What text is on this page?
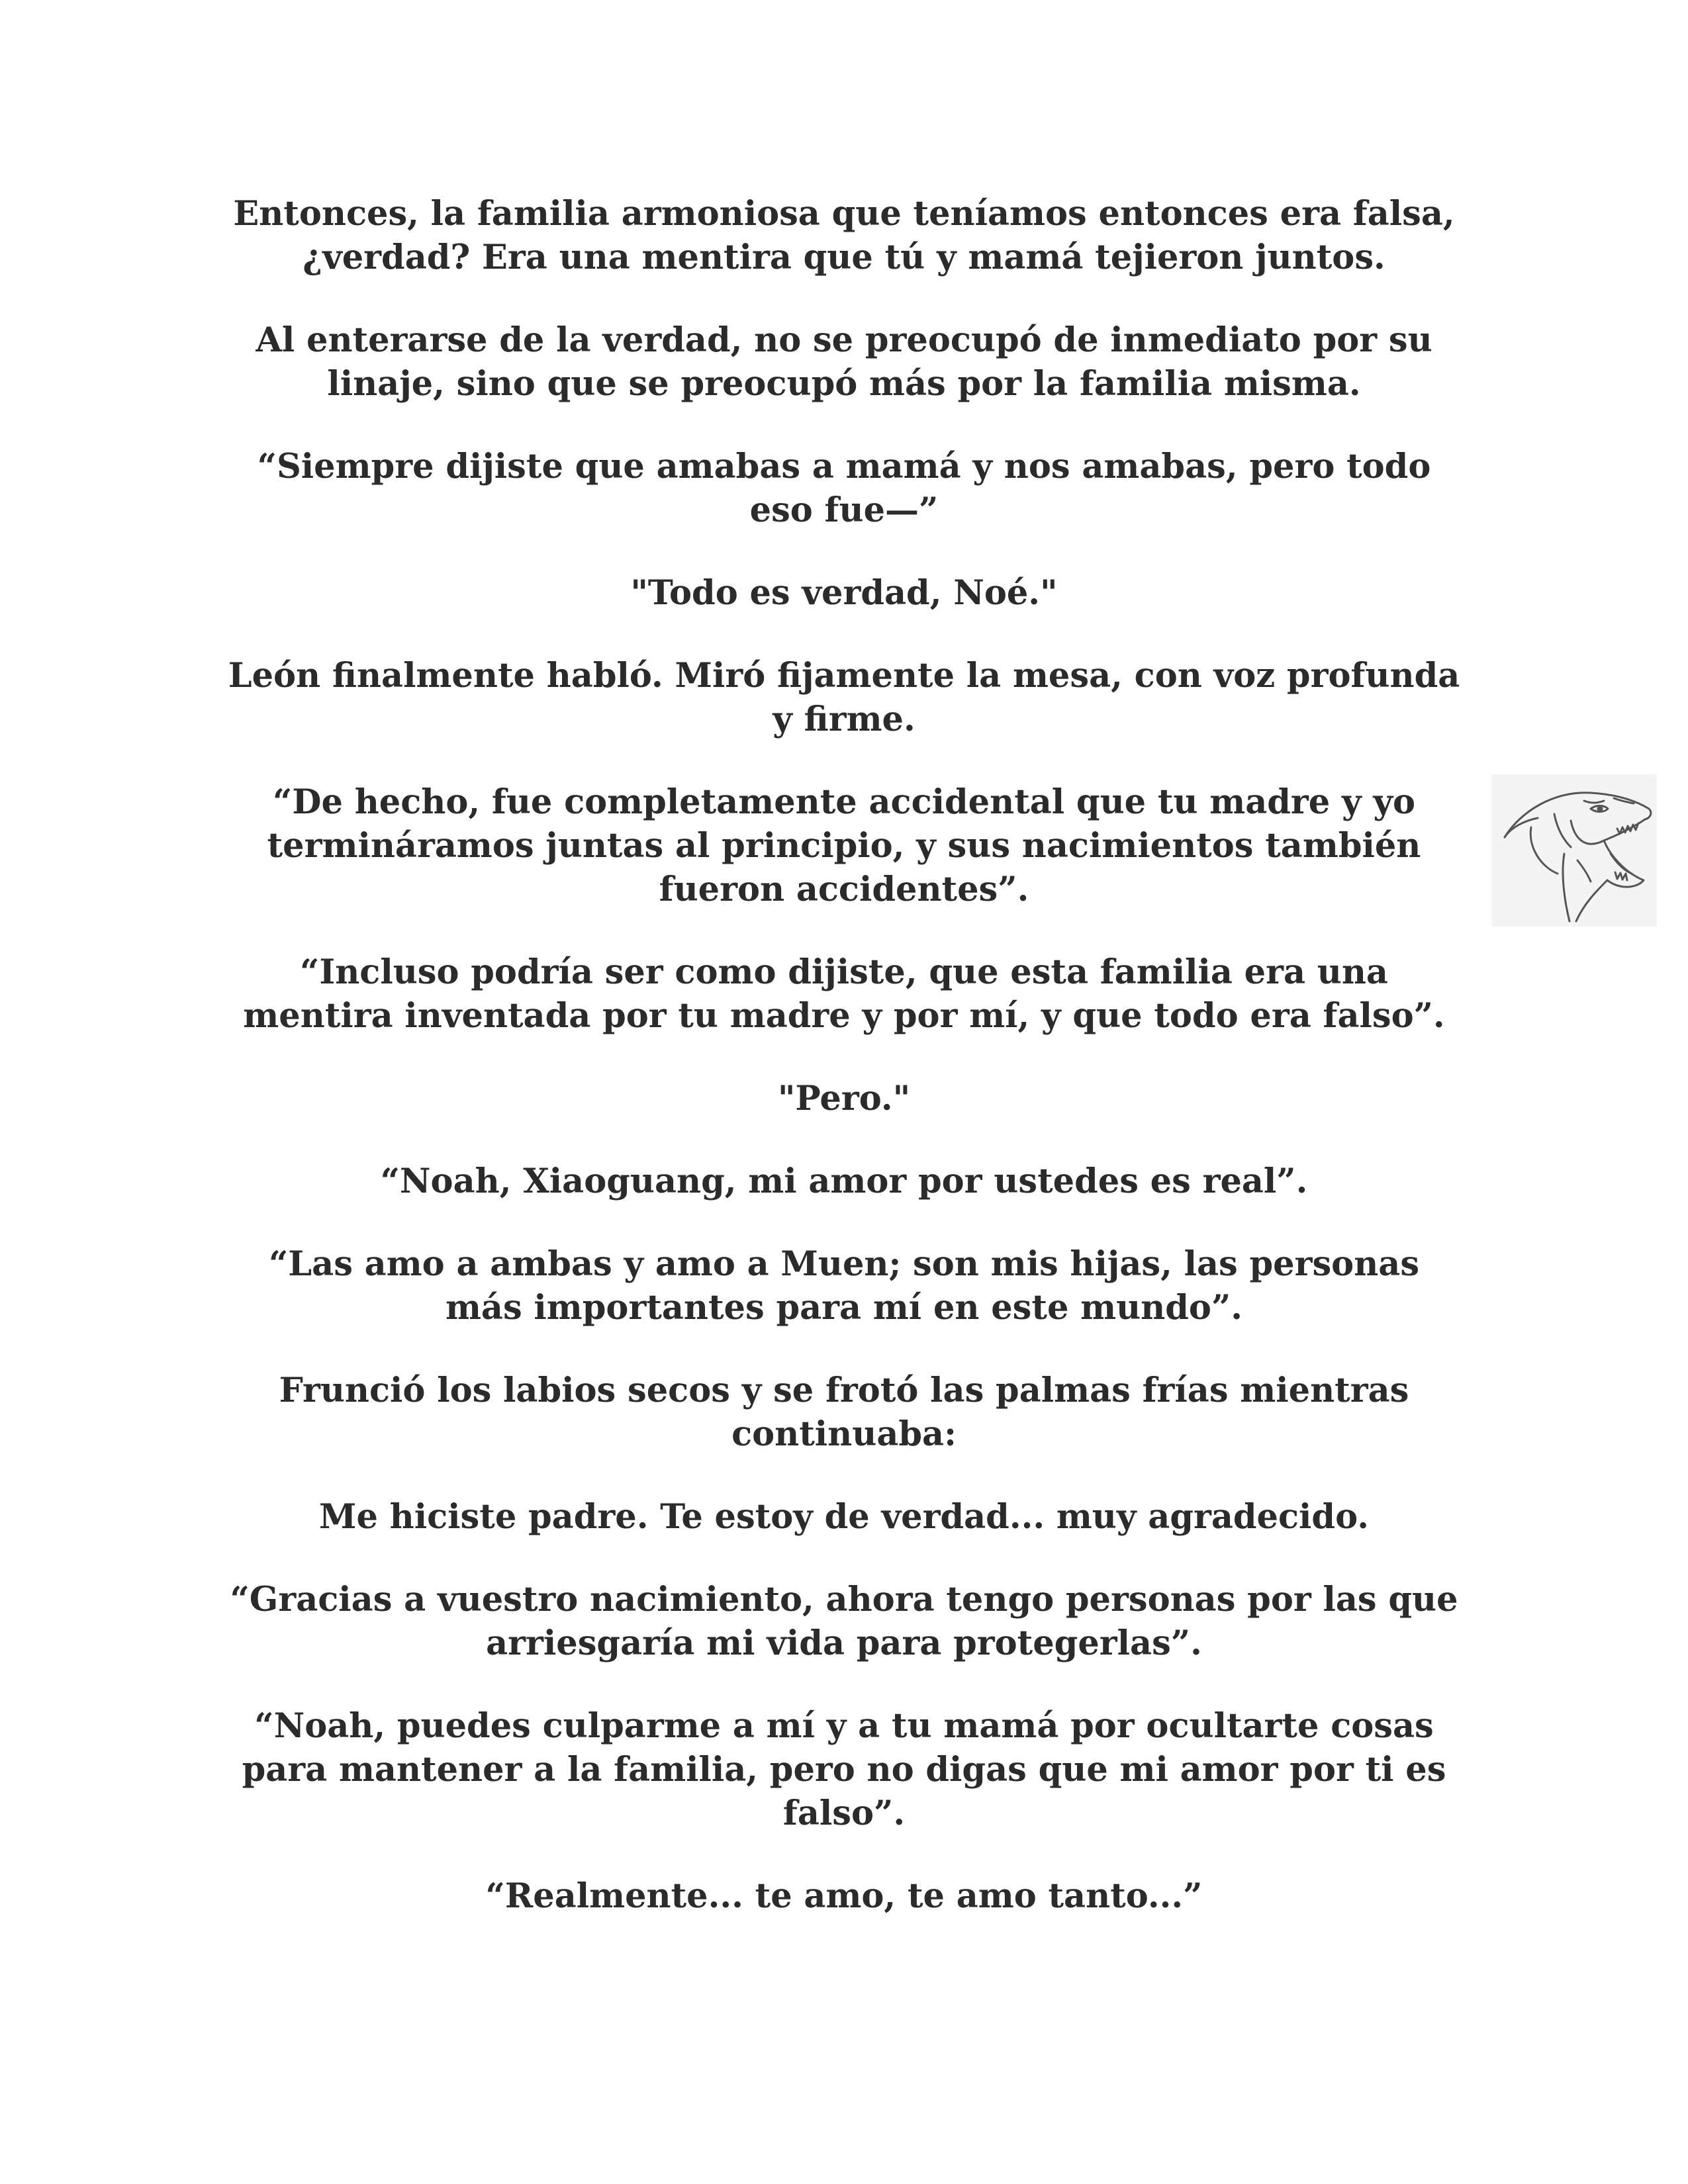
Entonces, la familia armoniosa que teníamos entonces era falsa, ¿verdad? Era una mentira que tú y mamá tejieron juntos.

Al enterarse de la verdad, no se preocupó de inmediato por su linaje, sino que se preocupó más por la familia misma.

“Siempre dijiste que amabas a mamá y nos amabas, pero todo eso fue—”

"Todo es verdad, Noé."

León finalmente habló. Miró fijamente la mesa, con voz profunda y firme.

“De hecho, fue completamente accidental que tu madre y yo termináramos juntas al principio, y sus nacimientos también fueron accidentes”.

“Incluso podría ser como dijiste, que esta familia era una mentira inventada por tu madre y por mí, y que todo era falso”.

"Pero."

“Noah, Xiaoguang, mi amor por ustedes es real”.

“Las amo a ambas y amo a Muen; son mis hijas, las personas más importantes para mí en este mundo”.

Frunció los labios secos y se frotó las palmas frías mientras continuaba:

Me hiciste padre. Te estoy de verdad... muy agradecido.

“Gracias a vuestro nacimiento, ahora tengo personas por las que arriesgaría mi vida para protegerlas”.

“Noah, puedes culparme a mí y a tu mamá por ocultarte cosas para mantener a la familia, pero no digas que mi amor por ti es falso”.

“Realmente... te amo, te amo tanto...”
